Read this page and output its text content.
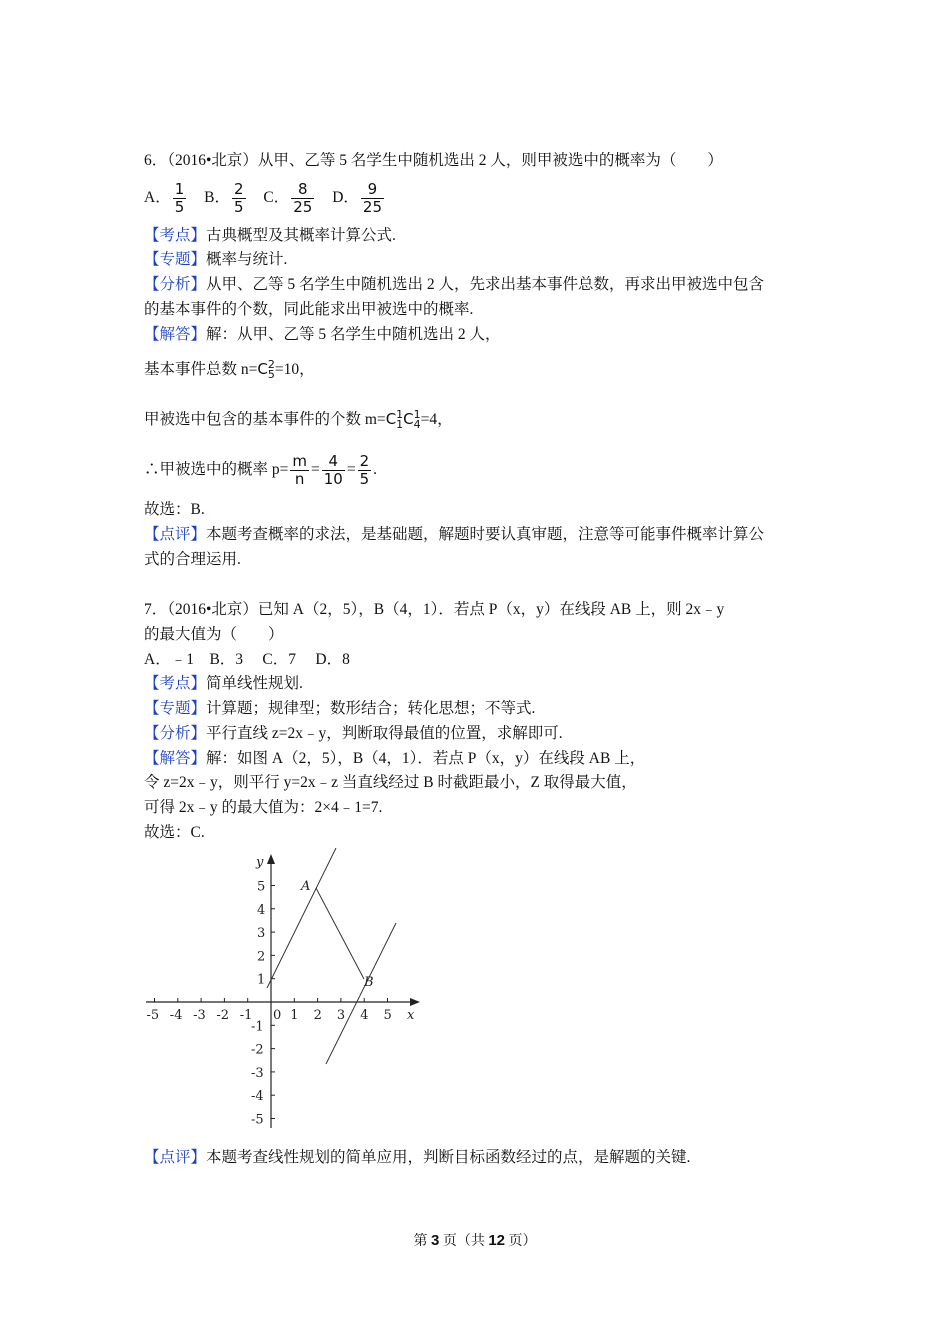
6．（2016•北京）从甲、乙等 5 名学生中随机选出 2 人，则甲被选中的概率为（　　）
A． $\frac{1}{5}$ B． $\frac{2}{5}$ C． $\frac{8}{25}$ D． $\frac{9}{25}$
【考点】古典概型及其概率计算公式.
【专题】概率与统计.
【分析】从甲、乙等 5 名学生中随机选出 2 人，先求出基本事件总数，再求出甲被选中包含
的基本事件的个数，同此能求出甲被选中的概率.
【解答】解：从甲、乙等 5 名学生中随机选出 2 人，
基本事件总数 $n=C^2_5=10$，
甲被选中包含的基本事件的个数 $m=C^1_1C^1_4=4$，
∴甲被选中的概率 $p= \frac{m}{n} = \frac{4}{10} = \frac{2}{5}$ .
故选：B.
【点评】本题考查概率的求法，是基础题，解题时要认真审题，注意等可能事件概率计算公
式的合理运用.
7．（2016•北京）已知 A（2，5），B（4，1）．若点 P（x，y）在线段 AB 上，则 2x﹣y
的最大值为（　　）
A．﹣1　B．3　 C．7　 D．8
【考点】简单线性规划.
【专题】计算题；规律型；数形结合；转化思想；不等式.
【分析】平行直线 z=2x﹣y，判断取得最值的位置，求解即可.
【解答】解：如图 A（2，5），B（4，1）．若点 P（x，y）在线段 AB 上，
令 z=2x﹣y，则平行 y=2x﹣z 当直线经过 B 时截距最小，Z 取得最大值，
可得 2x﹣y 的最大值为：2×4﹣1=7.
故选：C.
-5 -4 -3 -2 -1 0 1 2 3 4 5
5
4
3
2
1
-1
-2
-3
-4
-5
x
y
A
B
【点评】本题考查线性规划的简单应用，判断目标函数经过的点，是解题的关键.
第 3 页（共 12 页）
